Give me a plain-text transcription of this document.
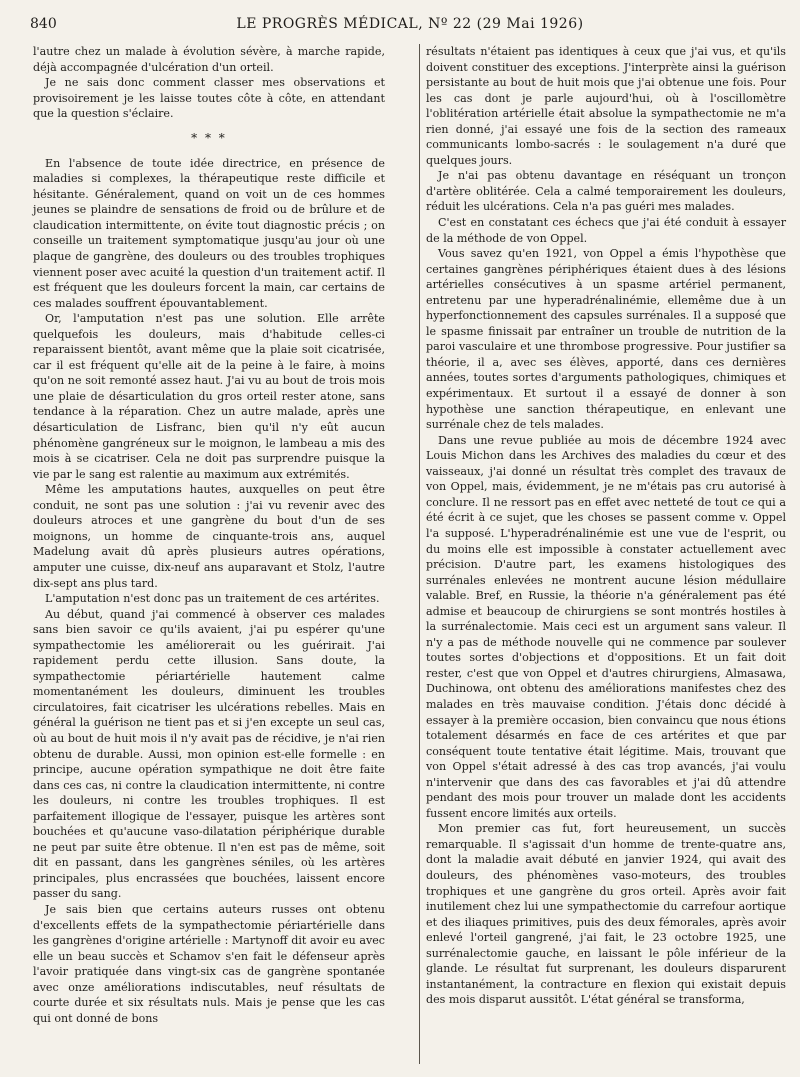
840	LE PROGRÈS MÉDICAL, Nº 22 (29 Mai 1926)

l'autre chez un malade à évolution sévère, à marche rapide, déjà accompagnée d'ulcération d'un orteil.

Je ne sais donc comment classer mes observations et provisoirement je les laisse toutes côte à côte, en attendant que la question s'éclaire.

* * *

En l'absence de toute idée directrice, en présence de maladies si complexes, la thérapeutique reste difficile et hésitante. Généralement, quand on voit un de ces hommes jeunes se plaindre de sensations de froid ou de brûlure et de claudication intermittente, on évite tout diagnostic précis ; on conseille un traitement symptomatique jusqu'au jour où une plaque de gangrène, des douleurs ou des troubles trophiques viennent poser avec acuité la question d'un traitement actif. Il est fréquent que les douleurs forcent la main, car certains de ces malades souffrent épouvantablement.

Or, l'amputation n'est pas une solution. Elle arrête quelquefois les douleurs, mais d'habitude celles-ci reparaissent bientôt, avant même que la plaie soit cicatrisée, car il est fréquent qu'elle ait de la peine à le faire, à moins qu'on ne soit remonté assez haut. J'ai vu au bout de trois mois une plaie de désarticulation du gros orteil rester atone, sans tendance à la réparation. Chez un autre malade, après une désarticulation de Lisfranc, bien qu'il n'y eût aucun phénomène gangréneux sur le moignon, le lambeau a mis des mois à se cicatriser. Cela ne doit pas surprendre puisque la vie par le sang est ralentie au maximum aux extrémités.

Même les amputations hautes, auxquelles on peut être conduit, ne sont pas une solution : j'ai vu revenir avec des douleurs atroces et une gangrène du bout d'un de ses moignons, un homme de cinquante-trois ans, auquel Madelung avait dû après plusieurs autres opérations, amputer une cuisse, dix-neuf ans auparavant et Stolz, l'autre dix-sept ans plus tard.

L'amputation n'est donc pas un traitement de ces artérites.

Au début, quand j'ai commencé à observer ces malades sans bien savoir ce qu'ils avaient, j'ai pu espérer qu'une sympathectomie les améliorerait ou les guérirait. J'ai rapidement perdu cette illusion. Sans doute, la sympathectomie périartérielle hautement calme momentanément les douleurs, diminuent les troubles circulatoires, fait cicatriser les ulcérations rebelles. Mais en général la guérison ne tient pas et si j'en excepte un seul cas, où au bout de huit mois il n'y avait pas de récidive, je n'ai rien obtenu de durable. Aussi, mon opinion est-elle formelle : en principe, aucune opération sympathique ne doit être faite dans ces cas, ni contre la claudication intermittente, ni contre les douleurs, ni contre les troubles trophiques. Il est parfaitement illogique de l'essayer, puisque les artères sont bouchées et qu'aucune vaso-dilatation périphérique durable ne peut par suite être obtenue. Il n'en est pas de même, soit dit en passant, dans les gangrènes séniles, où les artères principales, plus encrassées que bouchées, laissent encore passer du sang.

Je sais bien que certains auteurs russes ont obtenu d'excellents effets de la sympathectomie périartérielle dans les gangrènes d'origine artérielle : Martynoff dit avoir eu avec elle un beau succès et Schamov s'en fait le défenseur après l'avoir pratiquée dans vingt-six cas de gangrène spontanée avec onze améliorations indiscutables, neuf résultats de courte durée et six résultats nuls. Mais je pense que les cas qui ont donné de bons

résultats n'étaient pas identiques à ceux que j'ai vus, et qu'ils doivent constituer des exceptions. J'interprète ainsi la guérison persistante au bout de huit mois que j'ai obtenue une fois. Pour les cas dont je parle aujourd'hui, où à l'oscillomètre l'oblitération artérielle était absolue la sympathectomie ne m'a rien donné, j'ai essayé une fois de la section des rameaux communicants lombo-sacrés : le soulagement n'a duré que quelques jours.

Je n'ai pas obtenu davantage en réséquant un tronçon d'artère oblitérée. Cela a calmé temporairement les douleurs, réduit les ulcérations. Cela n'a pas guéri mes malades.

C'est en constatant ces échecs que j'ai été conduit à essayer de la méthode de von Oppel.

Vous savez qu'en 1921, von Oppel a émis l'hypothèse que certaines gangrènes périphériques étaient dues à des lésions artérielles consécutives à un spasme artériel permanent, entretenu par une hyperadrénalinémie, ellemême due à un hyperfonctionnement des capsules surrénales. Il a supposé que le spasme finissait par entraîner un trouble de nutrition de la paroi vasculaire et une thrombose progressive. Pour justifier sa théorie, il a, avec ses élèves, apporté, dans ces dernières années, toutes sortes d'arguments pathologiques, chimiques et expérimentaux. Et surtout il a essayé de donner à son hypothèse une sanction thérapeutique, en enlevant une surrénale chez de tels malades.

Dans une revue publiée au mois de décembre 1924 avec Louis Michon dans les Archives des maladies du cœur et des vaisseaux, j'ai donné un résultat très complet des travaux de von Oppel, mais, évidemment, je ne m'étais pas cru autorisé à conclure. Il ne ressort pas en effet avec netteté de tout ce qui a été écrit à ce sujet, que les choses se passent comme v. Oppel l'a supposé. L'hyperadrénalinémie est une vue de l'esprit, ou du moins elle est impossible à constater actuellement avec précision. D'autre part, les examens histologiques des surrénales enlevées ne montrent aucune lésion médullaire valable. Bref, en Russie, la théorie n'a généralement pas été admise et beaucoup de chirurgiens se sont montrés hostiles à la surrénalectomie. Mais ceci est un argument sans valeur. Il n'y a pas de méthode nouvelle qui ne commence par soulever toutes sortes d'objections et d'oppositions. Et un fait doit rester, c'est que von Oppel et d'autres chirurgiens, Almasawa, Duchinowa, ont obtenu des améliorations manifestes chez des malades en très mauvaise condition. J'étais donc décidé à essayer à la première occasion, bien convaincu que nous étions totalement désarmés en face de ces artérites et que par conséquent toute tentative était légitime. Mais, trouvant que von Oppel s'était adressé à des cas trop avancés, j'ai voulu n'intervenir que dans des cas favorables et j'ai dû attendre pendant des mois pour trouver un malade dont les accidents fussent encore limités aux orteils.

Mon premier cas fut, fort heureusement, un succès remarquable. Il s'agissait d'un homme de trente-quatre ans, dont la maladie avait débuté en janvier 1924, qui avait des douleurs, des phénomènes vaso-moteurs, des troubles trophiques et une gangrène du gros orteil. Après avoir fait inutilement chez lui une sympathectomie du carrefour aortique et des iliaques primitives, puis des deux fémorales, après avoir enlevé l'orteil gangrené, j'ai fait, le 23 octobre 1925, une surrénalectomie gauche, en laissant le pôle inférieur de la glande. Le résultat fut surprenant, les douleurs disparurent instantanément, la contracture en flexion qui existait depuis des mois disparut aussitôt. L'état général se transforma,
